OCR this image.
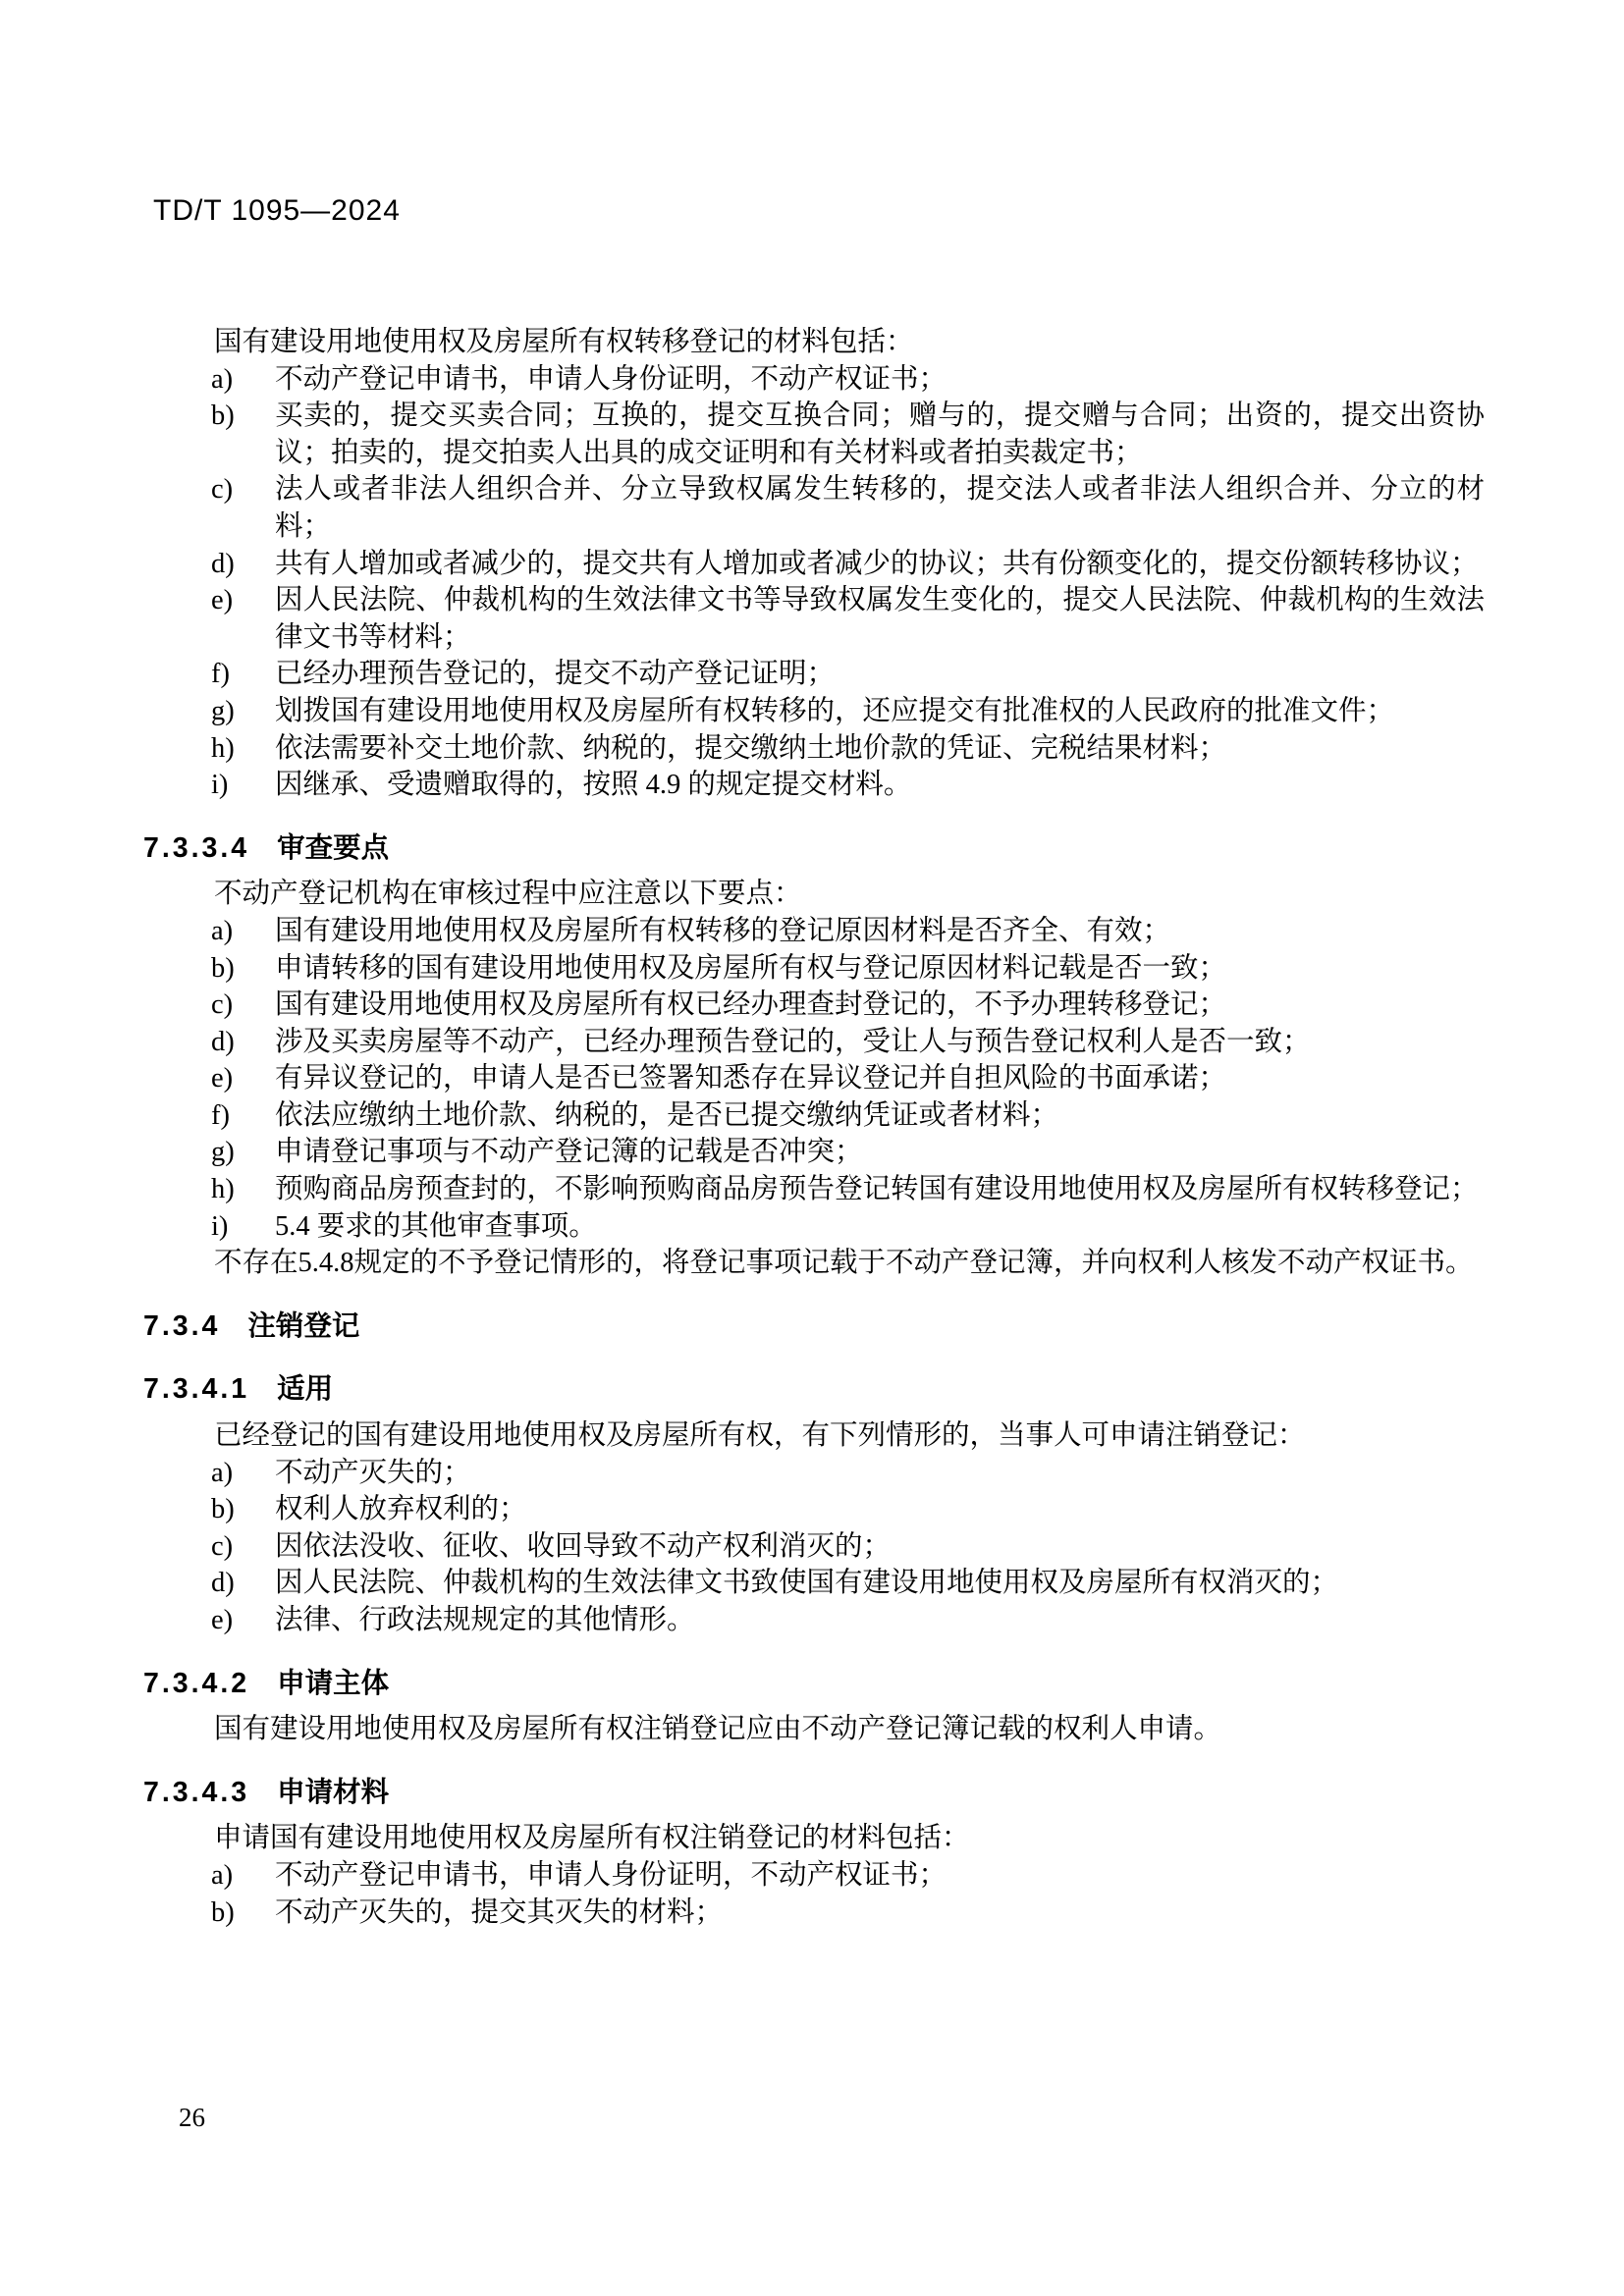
TD/T 1095—2024

国有建设用地使用权及房屋所有权转移登记的材料包括：

a) 不动产登记申请书，申请人身份证明，不动产权证书；
b) 买卖的，提交买卖合同；互换的，提交互换合同；赠与的，提交赠与合同；出资的，提交出资协议；拍卖的，提交拍卖人出具的成交证明和有关材料或者拍卖裁定书；
c) 法人或者非法人组织合并、分立导致权属发生转移的，提交法人或者非法人组织合并、分立的材料；
d) 共有人增加或者减少的，提交共有人增加或者减少的协议；共有份额变化的，提交份额转移协议；
e) 因人民法院、仲裁机构的生效法律文书等导致权属发生变化的，提交人民法院、仲裁机构的生效法律文书等材料；
f) 已经办理预告登记的，提交不动产登记证明；
g) 划拨国有建设用地使用权及房屋所有权转移的，还应提交有批准权的人民政府的批准文件；
h) 依法需要补交土地价款、纳税的，提交缴纳土地价款的凭证、完税结果材料；
i) 因继承、受遗赠取得的，按照 4.9 的规定提交材料。
7.3.3.4 审查要点

不动产登记机构在审核过程中应注意以下要点：

a) 国有建设用地使用权及房屋所有权转移的登记原因材料是否齐全、有效；
b) 申请转移的国有建设用地使用权及房屋所有权与登记原因材料记载是否一致；
c) 国有建设用地使用权及房屋所有权已经办理查封登记的，不予办理转移登记；
d) 涉及买卖房屋等不动产，已经办理预告登记的，受让人与预告登记权利人是否一致；
e) 有异议登记的，申请人是否已签署知悉存在异议登记并自担风险的书面承诺；
f) 依法应缴纳土地价款、纳税的，是否已提交缴纳凭证或者材料；
g) 申请登记事项与不动产登记簿的记载是否冲突；
h) 预购商品房预查封的，不影响预购商品房预告登记转国有建设用地使用权及房屋所有权转移登记；
i) 5.4 要求的其他审查事项。

不存在5.4.8规定的不予登记情形的，将登记事项记载于不动产登记簿，并向权利人核发不动产权证书。

7.3.4 注销登记
7.3.4.1 适用

已经登记的国有建设用地使用权及房屋所有权，有下列情形的，当事人可申请注销登记：

a) 不动产灭失的；
b) 权利人放弃权利的；
c) 因依法没收、征收、收回导致不动产权利消灭的；
d) 因人民法院、仲裁机构的生效法律文书致使国有建设用地使用权及房屋所有权消灭的；
e) 法律、行政法规规定的其他情形。
7.3.4.2 申请主体

国有建设用地使用权及房屋所有权注销登记应由不动产登记簿记载的权利人申请。

7.3.4.3 申请材料

申请国有建设用地使用权及房屋所有权注销登记的材料包括：

a) 不动产登记申请书，申请人身份证明，不动产权证书；
b) 不动产灭失的，提交其灭失的材料；
26
